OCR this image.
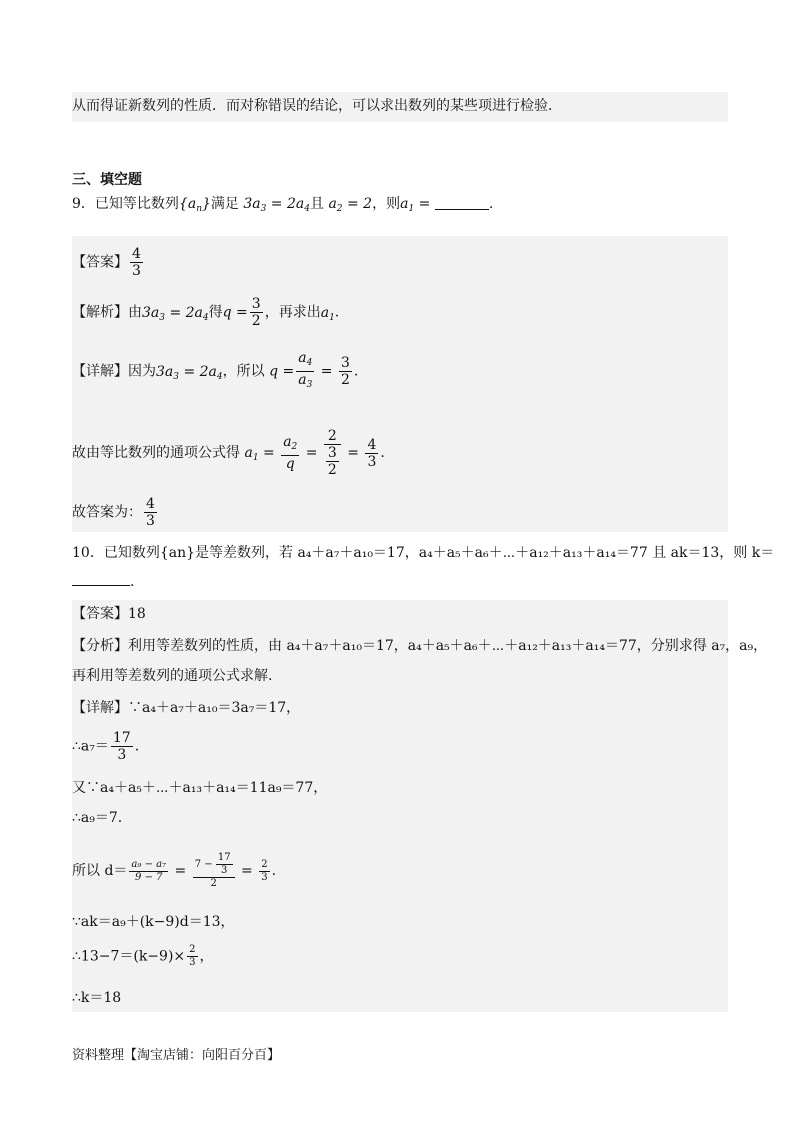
从而得证新数列的性质．而对称错误的结论，可以求出数列的某些项进行检验．
三、填空题
9．已知等比数列$\{a_n\}$满足 $3a_3 = 2a_4$且 $a_2 = 2$，则$a_1$ =	.
【答案】 $\frac{4}{3}$
【解析】由$3a_3 = 2a_4$得$q = \frac{3}{2}$ ，再求出$a_1$.
【详解】因为$3a_3 = 2a_4$，所以 $q = \frac{a_4}{a_3} = \frac{3}{2}$ .
故由等比数列的通项公式得 $a_1 = \frac{a_2}{q} = \frac{2}{\frac{3}{2}} = \frac{4}{3}$ .
故答案为： $\frac{4}{3}$
10．已知数列{an}是等差数列，若 a₄＋a₇＋a₁₀＝17，a₄＋a₅＋a₆＋⋯＋a₁₂＋a₁₃＋a₁₄＝77 且 ak＝13，则 k＝
.
【答案】18
【分析】利用等差数列的性质，由 a₄＋a₇＋a₁₀＝17，a₄＋a₅＋a₆＋⋯＋a₁₂＋a₁₃＋a₁₄＝77，分别求得 a₇，a₉，
再利用等差数列的通项公式求解.
【详解】∵a₄＋a₇＋a₁₀＝3a₇＝17，
∴a₇＝ $\frac{17}{3}$ .
又∵a₄＋a₅＋⋯＋a₁₃＋a₁₄＝11a₉＝77，
∴a₉＝7.
所以 $d= \frac{\text{a₉ − a₇}}{9 - 7} = \frac{7 - \frac{17}{3}}{2} = \frac{2}{3}$ .
∵ak＝a₉＋(k−9)d＝13，
∴13−7＝(k−9)× $\frac{2}{3}$ ，
∴k＝18
资料整理【淘宝店铺：向阳百分百】
